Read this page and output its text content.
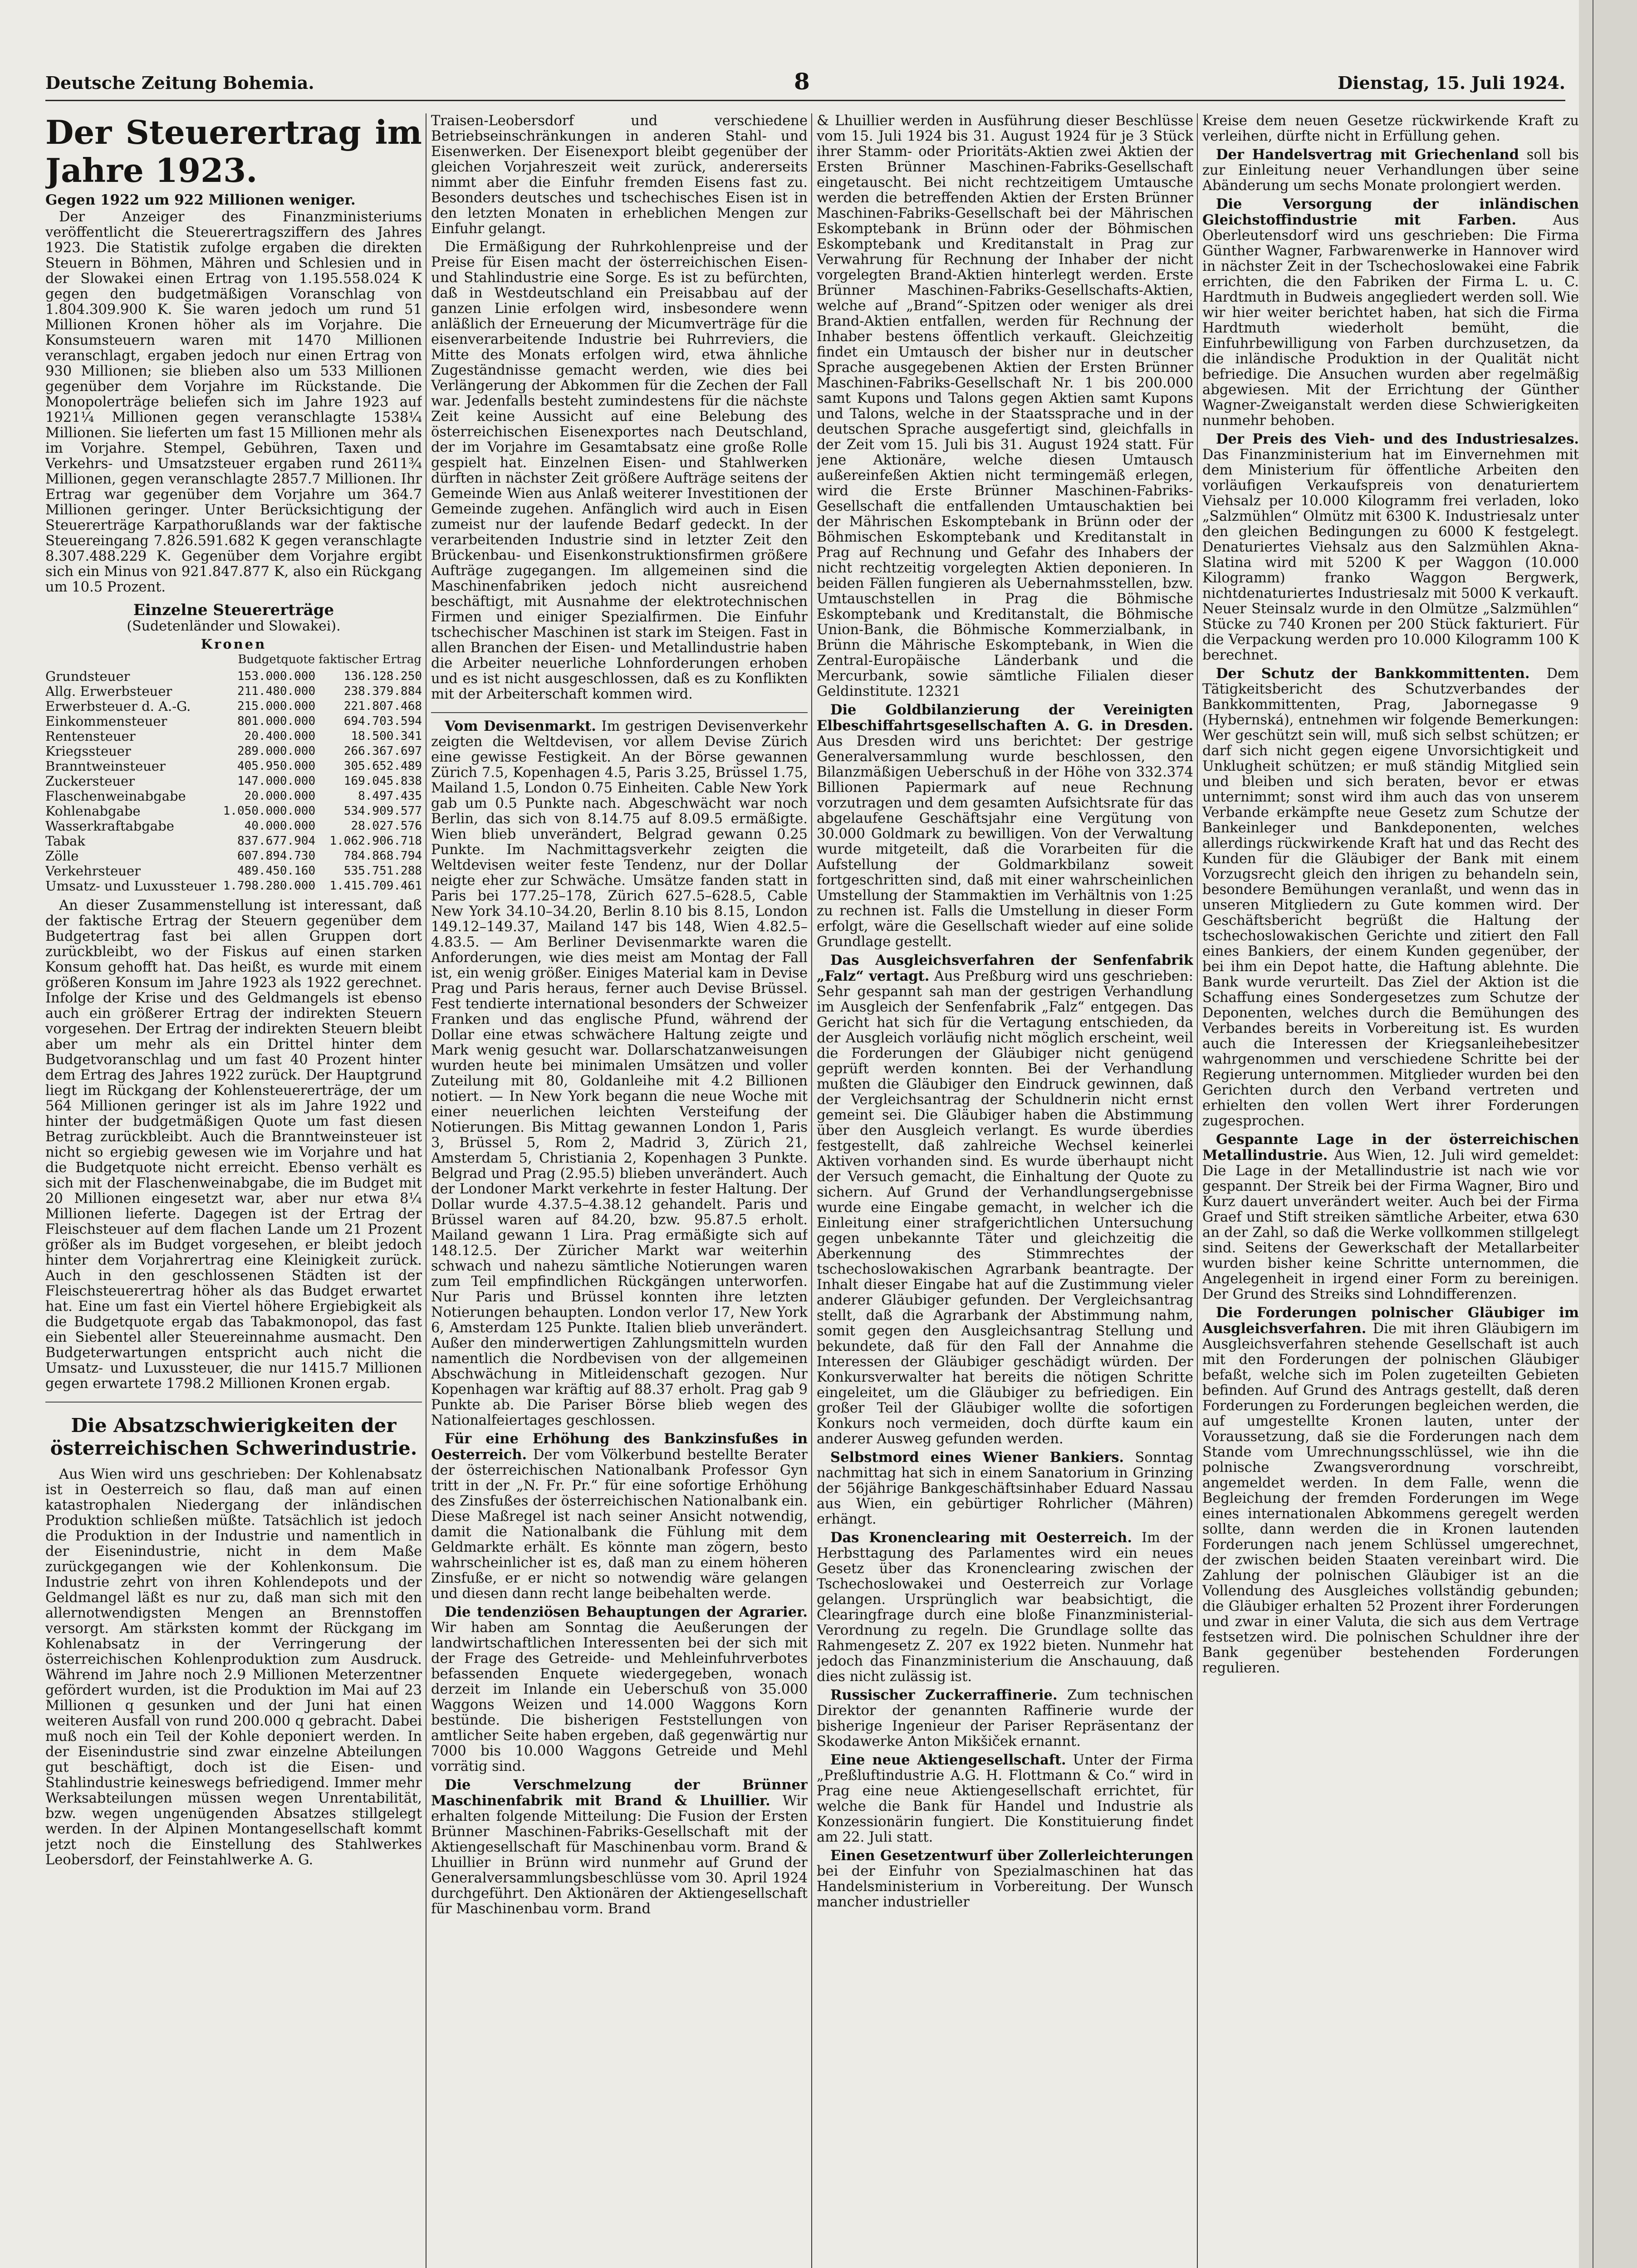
Deutsche Zeitung Bohemia.	8	Dienstag, 15. Juli 1924.
Der Steuerertrag im Jahre 1923.
Gegen 1922 um 922 Millionen weniger.

Der Anzeiger des Finanzministeriums veröffentlicht die Steuerertragsziffern des Jahres 1923. Die Statistik zufolge ergaben die direkten Steuern in Böhmen, Mähren und Schlesien und in der Slowakei einen Ertrag von 1.195.558.024 K gegen den budgetmäßigen Voranschlag von 1.804.309.900 K. Sie waren jedoch um rund 51 Millionen Kronen höher als im Vorjahre. Die Konsumsteuern waren mit 1470 Millionen veranschlagt, ergaben jedoch nur einen Ertrag von 930 Millionen; sie blieben also um 533 Millionen gegenüber dem Vorjahre im Rückstande. Die Monopolerträge beliefen sich im Jahre 1923 auf 1921¼ Millionen gegen veranschlagte 1538¼ Millionen. Sie lieferten um fast 15 Millionen mehr als im Vorjahre. Stempel, Gebühren, Taxen und Verkehrs- und Umsatzsteuer ergaben rund 2611¾ Millionen, gegen veranschlagte 2857.7 Millionen. Ihr Ertrag war gegenüber dem Vorjahre um 364.7 Millionen geringer. Unter Berücksichtigung der Steuererträge Karpathorußlands war der faktische Steuereingang 7.826.591.682 K gegen veranschlagte 8.307.488.229 K. Gegenüber dem Vorjahre ergibt sich ein Minus von 921.847.877 K, also ein Rückgang um 10.5 Prozent.

Einzelne Steuererträge
(Sudetenländer und Slowakei).
Kronen		
	Budgetquote	faktischer Ertrag
Grundsteuer	153.000.000	136.128.250
Allg. Erwerbsteuer	211.480.000	238.379.884
Erwerbsteuer d. A.-G.	215.000.000	221.807.468
Einkommensteuer	801.000.000	694.703.594
Rentensteuer	20.400.000	18.500.341
Kriegssteuer	289.000.000	266.367.697
Branntweinsteuer	405.950.000	305.652.489
Zuckersteuer	147.000.000	169.045.838
Flaschenweinabgabe	20.000.000	8.497.435
Kohlenabgabe	1.050.000.000	534.909.577
Wasserkraftabgabe	40.000.000	28.027.576
Tabak	837.677.904	1.062.906.718
Zölle	607.894.730	784.868.794
Verkehrsteuer	489.450.160	535.751.288
Umsatz- und Luxussteuer	1.798.280.000	1.415.709.461

An dieser Zusammenstellung ist interessant, daß der faktische Ertrag der Steuern gegenüber dem Budgetertrag fast bei allen Gruppen dort zurückbleibt, wo der Fiskus auf einen starken Konsum gehofft hat. Das heißt, es wurde mit einem größeren Konsum im Jahre 1923 als 1922 gerechnet. Infolge der Krise und des Geldmangels ist ebenso auch ein größerer Ertrag der indirekten Steuern vorgesehen. Der Ertrag der indirekten Steuern bleibt aber um mehr als ein Drittel hinter dem Budgetvoranschlag und um fast 40 Prozent hinter dem Ertrag des Jahres 1922 zurück. Der Hauptgrund liegt im Rückgang der Kohlensteuererträge, der um 564 Millionen geringer ist als im Jahre 1922 und hinter der budgetmäßigen Quote um fast diesen Betrag zurückbleibt. Auch die Branntweinsteuer ist nicht so ergiebig gewesen wie im Vorjahre und hat die Budgetquote nicht erreicht. Ebenso verhält es sich mit der Flaschenweinabgabe, die im Budget mit 20 Millionen eingesetzt war, aber nur etwa 8¼ Millionen lieferte. Dagegen ist der Ertrag der Fleischsteuer auf dem flachen Lande um 21 Prozent größer als im Budget vorgesehen, er bleibt jedoch hinter dem Vorjahrertrag eine Kleinigkeit zurück. Auch in den geschlossenen Städten ist der Fleischsteuerertrag höher als das Budget erwartet hat. Eine um fast ein Viertel höhere Ergiebigkeit als die Budgetquote ergab das Tabakmonopol, das fast ein Siebentel aller Steuereinnahme ausmacht. Den Budgeterwartungen entspricht auch nicht die Umsatz- und Luxussteuer, die nur 1415.7 Millionen gegen erwartete 1798.2 Millionen Kronen ergab.

Die Absatzschwierigkeiten der österreichischen Schwerindustrie.

Aus Wien wird uns geschrieben: Der Kohlenabsatz ist in Oesterreich so flau, daß man auf einen katastrophalen Niedergang der inländischen Produktion schließen müßte. Tatsächlich ist jedoch die Produktion in der Industrie und namentlich in der Eisenindustrie, nicht in dem Maße zurückgegangen wie der Kohlenkonsum. Die Industrie zehrt von ihren Kohlendepots und der Geldmangel läßt es nur zu, daß man sich mit den allernotwendigsten Mengen an Brennstoffen versorgt. Am stärksten kommt der Rückgang im Kohlenabsatz in der Verringerung der österreichischen Kohlenproduktion zum Ausdruck. Während im Jahre noch 2.9 Millionen Meterzentner gefördert wurden, ist die Produktion im Mai auf 23 Millionen q gesunken und der Juni hat einen weiteren Ausfall von rund 200.000 q gebracht. Dabei muß noch ein Teil der Kohle deponiert werden. In der Eisenindustrie sind zwar einzelne Abteilungen gut beschäftigt, doch ist die Eisen- und Stahlindustrie keineswegs befriedigend. Immer mehr Werksabteilungen müssen wegen Unrentabilität, bzw. wegen ungenügenden Absatzes stillgelegt werden. In der Alpinen Montangesellschaft kommt jetzt noch die Einstellung des Stahlwerkes Leobersdorf, der Feinstahlwerke A. G.

Traisen-Leobersdorf und verschiedene Betriebseinschränkungen in anderen Stahl- und Eisenwerken. Der Eisenexport bleibt gegenüber der gleichen Vorjahreszeit weit zurück, andererseits nimmt aber die Einfuhr fremden Eisens fast zu. Besonders deutsches und tschechisches Eisen ist in den letzten Monaten in erheblichen Mengen zur Einfuhr gelangt.

Die Ermäßigung der Ruhrkohlenpreise und der Preise für Eisen macht der österreichischen Eisen- und Stahlindustrie eine Sorge. Es ist zu befürchten, daß in Westdeutschland ein Preisabbau auf der ganzen Linie erfolgen wird, insbesondere wenn anläßlich der Erneuerung der Micumverträge für die eisenverarbeitende Industrie bei Ruhrreviers, die Mitte des Monats erfolgen wird, etwa ähnliche Zugeständnisse gemacht werden, wie dies bei Verlängerung der Abkommen für die Zechen der Fall war. Jedenfalls besteht zumindestens für die nächste Zeit keine Aussicht auf eine Belebung des österreichischen Eisenexportes nach Deutschland, der im Vorjahre im Gesamtabsatz eine große Rolle gespielt hat. Einzelnen Eisen- und Stahlwerken dürften in nächster Zeit größere Aufträge seitens der Gemeinde Wien aus Anlaß weiterer Investitionen der Gemeinde zugehen. Anfänglich wird auch in Eisen zumeist nur der laufende Bedarf gedeckt. In der verarbeitenden Industrie sind in letzter Zeit den Brückenbau- und Eisenkonstruktionsfirmen größere Aufträge zugegangen. Im allgemeinen sind die Maschinenfabriken jedoch nicht ausreichend beschäftigt, mit Ausnahme der elektrotechnischen Firmen und einiger Spezialfirmen. Die Einfuhr tschechischer Maschinen ist stark im Steigen. Fast in allen Branchen der Eisen- und Metallindustrie haben die Arbeiter neuerliche Lohnforderungen erhoben und es ist nicht ausgeschlossen, daß es zu Konflikten mit der Arbeiterschaft kommen wird.

Vom Devisenmarkt. Im gestrigen Devisenverkehr zeigten die Weltdevisen, vor allem Devise Zürich eine gewisse Festigkeit. An der Börse gewannen Zürich 7.5, Kopenhagen 4.5, Paris 3.25, Brüssel 1.75, Mailand 1.5, London 0.75 Einheiten. Cable New York gab um 0.5 Punkte nach. Abgeschwächt war noch Berlin, das sich von 8.14.75 auf 8.09.5 ermäßigte. Wien blieb unverändert, Belgrad gewann 0.25 Punkte. Im Nachmittagsverkehr zeigten die Weltdevisen weiter feste Tendenz, nur der Dollar neigte eher zur Schwäche. Umsätze fanden statt in Paris bei 177.25–178, Zürich 627.5–628.5, Cable New York 34.10–34.20, Berlin 8.10 bis 8.15, London 149.12–149.37, Mailand 147 bis 148, Wien 4.82.5–4.83.5. — Am Berliner Devisenmarkte waren die Anforderungen, wie dies meist am Montag der Fall ist, ein wenig größer. Einiges Material kam in Devise Prag und Paris heraus, ferner auch Devise Brüssel. Fest tendierte international besonders der Schweizer Franken und das englische Pfund, während der Dollar eine etwas schwächere Haltung zeigte und Mark wenig gesucht war. Dollarschatzanweisungen wurden heute bei minimalen Umsätzen und voller Zuteilung mit 80, Goldanleihe mit 4.2 Billionen notiert. — In New York begann die neue Woche mit einer neuerlichen leichten Versteifung der Notierungen. Bis Mittag gewannen London 1, Paris 3, Brüssel 5, Rom 2, Madrid 3, Zürich 21, Amsterdam 5, Christiania 2, Kopenhagen 3 Punkte. Belgrad und Prag (2.95.5) blieben unverändert. Auch der Londoner Markt verkehrte in fester Haltung. Der Dollar wurde 4.37.5–4.38.12 gehandelt. Paris und Brüssel waren auf 84.20, bzw. 95.87.5 erholt. Mailand gewann 1 Lira. Prag ermäßigte sich auf 148.12.5. Der Züricher Markt war weiterhin schwach und nahezu sämtliche Notierungen waren zum Teil empfindlichen Rückgängen unterworfen. Nur Paris und Brüssel konnten ihre letzten Notierungen behaupten. London verlor 17, New York 6, Amsterdam 125 Punkte. Italien blieb unverändert. Außer den minderwertigen Zahlungsmitteln wurden namentlich die Nordbevisen von der allgemeinen Abschwächung in Mitleidenschaft gezogen. Nur Kopenhagen war kräftig auf 88.37 erholt. Prag gab 9 Punkte ab. Die Pariser Börse blieb wegen des Nationalfeiertages geschlossen.

Für eine Erhöhung des Bankzinsfußes in Oesterreich. Der vom Völkerbund bestellte Berater der österreichischen Nationalbank Professor Gyn tritt in der „N. Fr. Pr.“ für eine sofortige Erhöhung des Zinsfußes der österreichischen Nationalbank ein. Diese Maßregel ist nach seiner Ansicht notwendig, damit die Nationalbank die Fühlung mit dem Geldmarkte erhält. Es könnte man zögern, besto wahrscheinlicher ist es, daß man zu einem höheren Zinsfuße, er er nicht so notwendig wäre gelangen und diesen dann recht lange beibehalten werde.

Die tendenziösen Behauptungen der Agrarier. Wir haben am Sonntag die Aeußerungen der landwirtschaftlichen Interessenten bei der sich mit der Frage des Getreide- und Mehleinfuhrverbotes befassenden Enquete wiedergegeben, wonach derzeit im Inlande ein Ueberschuß von 35.000 Waggons Weizen und 14.000 Waggons Korn bestünde. Die bisherigen Feststellungen von amtlicher Seite haben ergeben, daß gegenwärtig nur 7000 bis 10.000 Waggons Getreide und Mehl vorrätig sind.

Die Verschmelzung der Brünner Maschinenfabrik mit Brand & Lhuillier. Wir erhalten folgende Mitteilung: Die Fusion der Ersten Brünner Maschinen-Fabriks-Gesellschaft mit der Aktiengesellschaft für Maschinenbau vorm. Brand & Lhuillier in Brünn wird nunmehr auf Grund der Generalversammlungsbeschlüsse vom 30. April 1924 durchgeführt. Den Aktionären der Aktiengesellschaft für Maschinenbau vorm. Brand

& Lhuillier werden in Ausführung dieser Beschlüsse vom 15. Juli 1924 bis 31. August 1924 für je 3 Stück ihrer Stamm- oder Prioritäts-Aktien zwei Aktien der Ersten Brünner Maschinen-Fabriks-Gesellschaft eingetauscht. Bei nicht rechtzeitigem Umtausche werden die betreffenden Aktien der Ersten Brünner Maschinen-Fabriks-Gesellschaft bei der Mährischen Eskomptebank in Brünn oder der Böhmischen Eskomptebank und Kreditanstalt in Prag zur Verwahrung für Rechnung der Inhaber der nicht vorgelegten Brand-Aktien hinterlegt werden. Erste Brünner Maschinen-Fabriks-Gesellschafts-Aktien, welche auf „Brand“-Spitzen oder weniger als drei Brand-Aktien entfallen, werden für Rechnung der Inhaber bestens öffentlich verkauft. Gleichzeitig findet ein Umtausch der bisher nur in deutscher Sprache ausgegebenen Aktien der Ersten Brünner Maschinen-Fabriks-Gesellschaft Nr. 1 bis 200.000 samt Kupons und Talons gegen Aktien samt Kupons und Talons, welche in der Staatssprache und in der deutschen Sprache ausgefertigt sind, gleichfalls in der Zeit vom 15. Juli bis 31. August 1924 statt. Für jene Aktionäre, welche diesen Umtausch außereinfeßen Aktien nicht termingemäß erlegen, wird die Erste Brünner Maschinen-Fabriks-Gesellschaft die entfallenden Umtauschaktien bei der Mährischen Eskomptebank in Brünn oder der Böhmischen Eskomptebank und Kreditanstalt in Prag auf Rechnung und Gefahr des Inhabers der nicht rechtzeitig vorgelegten Aktien deponieren. In beiden Fällen fungieren als Uebernahmsstellen, bzw. Umtauschstellen in Prag die Böhmische Eskomptebank und Kreditanstalt, die Böhmische Union-Bank, die Böhmische Kommerzialbank, in Brünn die Mährische Eskomptebank, in Wien die Zentral-Europäische Länderbank und die Mercurbank, sowie sämtliche Filialen dieser Geldinstitute. 12321

Die Goldbilanzierung der Vereinigten Elbeschiffahrtsgesellschaften A. G. in Dresden. Aus Dresden wird uns berichtet: Der gestrige Generalversammlung wurde beschlossen, den Bilanzmäßigen Ueberschuß in der Höhe von 332.374 Billionen Papiermark auf neue Rechnung vorzutragen und dem gesamten Aufsichtsrate für das abgelaufene Geschäftsjahr eine Vergütung von 30.000 Goldmark zu bewilligen. Von der Verwaltung wurde mitgeteilt, daß die Vorarbeiten für die Aufstellung der Goldmarkbilanz soweit fortgeschritten sind, daß mit einer wahrscheinlichen Umstellung der Stammaktien im Verhältnis von 1:25 zu rechnen ist. Falls die Umstellung in dieser Form erfolgt, wäre die Gesellschaft wieder auf eine solide Grundlage gestellt.

Das Ausgleichsverfahren der Senfenfabrik „Falz“ vertagt. Aus Preßburg wird uns geschrieben: Sehr gespannt sah man der gestrigen Verhandlung im Ausgleich der Senfenfabrik „Falz“ entgegen. Das Gericht hat sich für die Vertagung entschieden, da der Ausgleich vorläufig nicht möglich erscheint, weil die Forderungen der Gläubiger nicht genügend geprüft werden konnten. Bei der Verhandlung mußten die Gläubiger den Eindruck gewinnen, daß der Vergleichsantrag der Schuldnerin nicht ernst gemeint sei. Die Gläubiger haben die Abstimmung über den Ausgleich verlangt. Es wurde überdies festgestellt, daß zahlreiche Wechsel keinerlei Aktiven vorhanden sind. Es wurde überhaupt nicht der Versuch gemacht, die Einhaltung der Quote zu sichern. Auf Grund der Verhandlungsergebnisse wurde eine Eingabe gemacht, in welcher ich die Einleitung einer strafgerichtlichen Untersuchung gegen unbekannte Täter und gleichzeitig die Aberkennung des Stimmrechtes der tschechoslowakischen Agrarbank beantragte. Der Inhalt dieser Eingabe hat auf die Zustimmung vieler anderer Gläubiger gefunden. Der Vergleichsantrag stellt, daß die Agrarbank der Abstimmung nahm, somit gegen den Ausgleichsantrag Stellung und bekundete, daß für den Fall der Annahme die Interessen der Gläubiger geschädigt würden. Der Konkursverwalter hat bereits die nötigen Schritte eingeleitet, um die Gläubiger zu befriedigen. Ein großer Teil der Gläubiger wollte die sofortigen Konkurs noch vermeiden, doch dürfte kaum ein anderer Ausweg gefunden werden.

Selbstmord eines Wiener Bankiers. Sonntag nachmittag hat sich in einem Sanatorium in Grinzing der 56jährige Bankgeschäftsinhaber Eduard Nassau aus Wien, ein gebürtiger Rohrlicher (Mähren) erhängt.

Das Kronenclearing mit Oesterreich. Im der Herbsttagung des Parlamentes wird ein neues Gesetz über das Kronenclearing zwischen der Tschechoslowakei und Oesterreich zur Vorlage gelangen. Ursprünglich war beabsichtigt, die Clearingfrage durch eine bloße Finanzministerial-Verordnung zu regeln. Die Grundlage sollte das Rahmengesetz Z. 207 ex 1922 bieten. Nunmehr hat jedoch das Finanzministerium die Anschauung, daß dies nicht zulässig ist.

Russischer Zuckerraffinerie. Zum technischen Direktor der genannten Raffinerie wurde der bisherige Ingenieur der Pariser Repräsentanz der Skodawerke Anton Mikšiček ernannt.

Eine neue Aktiengesellschaft. Unter der Firma „Preßluftindustrie A.G. H. Flottmann & Co.“ wird in Prag eine neue Aktiengesellschaft errichtet, für welche die Bank für Handel und Industrie als Konzessionärin fungiert. Die Konstituierung findet am 22. Juli statt.

Einen Gesetzentwurf über Zollerleichterungen bei der Einfuhr von Spezialmaschinen hat das Handelsministerium in Vorbereitung. Der Wunsch mancher industrieller

Kreise dem neuen Gesetze rückwirkende Kraft zu verleihen, dürfte nicht in Erfüllung gehen.

Der Handelsvertrag mit Griechenland soll bis zur Einleitung neuer Verhandlungen über seine Abänderung um sechs Monate prolongiert werden.

Die Versorgung der inländischen Gleichstoffindustrie mit Farben.	Aus Oberleutensdorf wird uns geschrieben: Die Firma Günther Wagner, Farbwarenwerke in Hannover wird in nächster Zeit in der Tschechoslowakei eine Fabrik errichten, die den Fabriken der Firma L. u. C. Hardtmuth in Budweis angegliedert werden soll. Wie wir hier weiter berichtet haben, hat sich die Firma Hardtmuth wiederholt bemüht, die Einfuhrbewilligung von Farben durchzusetzen, da die inländische Produktion in der Qualität nicht befriedige. Die Ansuchen wurden aber regelmäßig abgewiesen. Mit der Errichtung der Günther Wagner-Zweiganstalt werden diese Schwierigkeiten nunmehr behoben.

Der Preis des Vieh- und des Industriesalzes. Das Finanzministerium hat im Einvernehmen mit dem Ministerium für öffentliche Arbeiten den vorläufigen Verkaufspreis von denaturiertem Viehsalz per 10.000 Kilogramm frei verladen, loko „Salzmühlen“ Olmütz mit 6300 K. Industriesalz unter den gleichen Bedingungen zu 6000 K festgelegt. Denaturiertes Viehsalz aus den Salzmühlen Akna-Slatina wird mit 5200 K per Waggon (10.000 Kilogramm) franko Waggon Bergwerk, nichtdenaturiertes Industriesalz mit 5000 K verkauft. Neuer Steinsalz wurde in den Olmütze „Salzmühlen“ Stücke zu 740 Kronen per 200 Stück fakturiert. Für die Verpackung werden pro 10.000 Kilogramm 100 K berechnet.

Der Schutz der Bankkommittenten. Dem Tätigkeitsbericht des Schutzverbandes der Bankkommittenten, Prag, Jabornegasse 9 (Hybernská), entnehmen wir folgende Bemerkungen: Wer geschützt sein will, muß sich selbst schützen; er darf sich nicht gegen eigene Unvorsichtigkeit und Unklugheit schützen; er muß ständig Mitglied sein und bleiben und sich beraten, bevor er etwas unternimmt; sonst wird ihm auch das von unserem Verbande erkämpfte neue Gesetz zum Schutze der Bankeinleger und Bankdeponenten, welches allerdings rückwirkende Kraft hat und das Recht des Kunden für die Gläubiger der Bank mit einem Vorzugsrecht gleich den ihrigen zu behandeln sein, besondere Bemühungen veranlaßt, und wenn das in unseren Mitgliedern zu Gute kommen wird. Der Geschäftsbericht begrüßt die Haltung der tschechoslowakischen Gerichte und zitiert den Fall eines Bankiers, der einem Kunden gegenüber, der bei ihm ein Depot hatte, die Haftung ablehnte. Die Bank wurde verurteilt. Das Ziel der Aktion ist die Schaffung eines Sondergesetzes zum Schutze der Deponenten, welches durch die Bemühungen des Verbandes bereits in Vorbereitung ist. Es wurden auch die Interessen der Kriegsanleihebesitzer wahrgenommen und verschiedene Schritte bei der Regierung unternommen. Mitglieder wurden bei den Gerichten durch den Verband vertreten und erhielten den vollen Wert ihrer Forderungen zugesprochen.

Gespannte Lage in der österreichischen Metallindustrie. Aus Wien, 12. Juli wird gemeldet: Die Lage in der Metallindustrie ist nach wie vor gespannt. Der Streik bei der Firma Wagner, Biro und Kurz dauert unverändert weiter. Auch bei der Firma Graef und Stift streiken sämtliche Arbeiter, etwa 630 an der Zahl, so daß die Werke vollkommen stillgelegt sind. Seitens der Gewerkschaft der Metallarbeiter wurden bisher keine Schritte unternommen, die Angelegenheit in irgend einer Form zu bereinigen. Der Grund des Streiks sind Lohndifferenzen.

Die Forderungen polnischer Gläubiger im Ausgleichsverfahren. Die mit ihren Gläubigern im Ausgleichsverfahren stehende Gesellschaft ist auch mit den Forderungen der polnischen Gläubiger befaßt, welche sich im Polen zugeteilten Gebieten befinden. Auf Grund des Antrags gestellt, daß deren Forderungen zu Forderungen begleichen werden, die auf umgestellte Kronen lauten, unter der Voraussetzung, daß sie die Forderungen nach dem Stande vom Umrechnungsschlüssel, wie ihn die polnische Zwangsverordnung vorschreibt, angemeldet werden. In dem Falle, wenn die Begleichung der fremden Forderungen im Wege eines internationalen Abkommens geregelt werden sollte, dann werden die in Kronen lautenden Forderungen nach jenem Schlüssel umgerechnet, der zwischen beiden Staaten vereinbart wird. Die Zahlung der polnischen Gläubiger ist an die Vollendung des Ausgleiches vollständig gebunden; die Gläubiger erhalten 52 Prozent ihrer Forderungen und zwar in einer Valuta, die sich aus dem Vertrage festsetzen wird. Die polnischen Schuldner ihre der Bank gegenüber bestehenden Forderungen regulieren.
